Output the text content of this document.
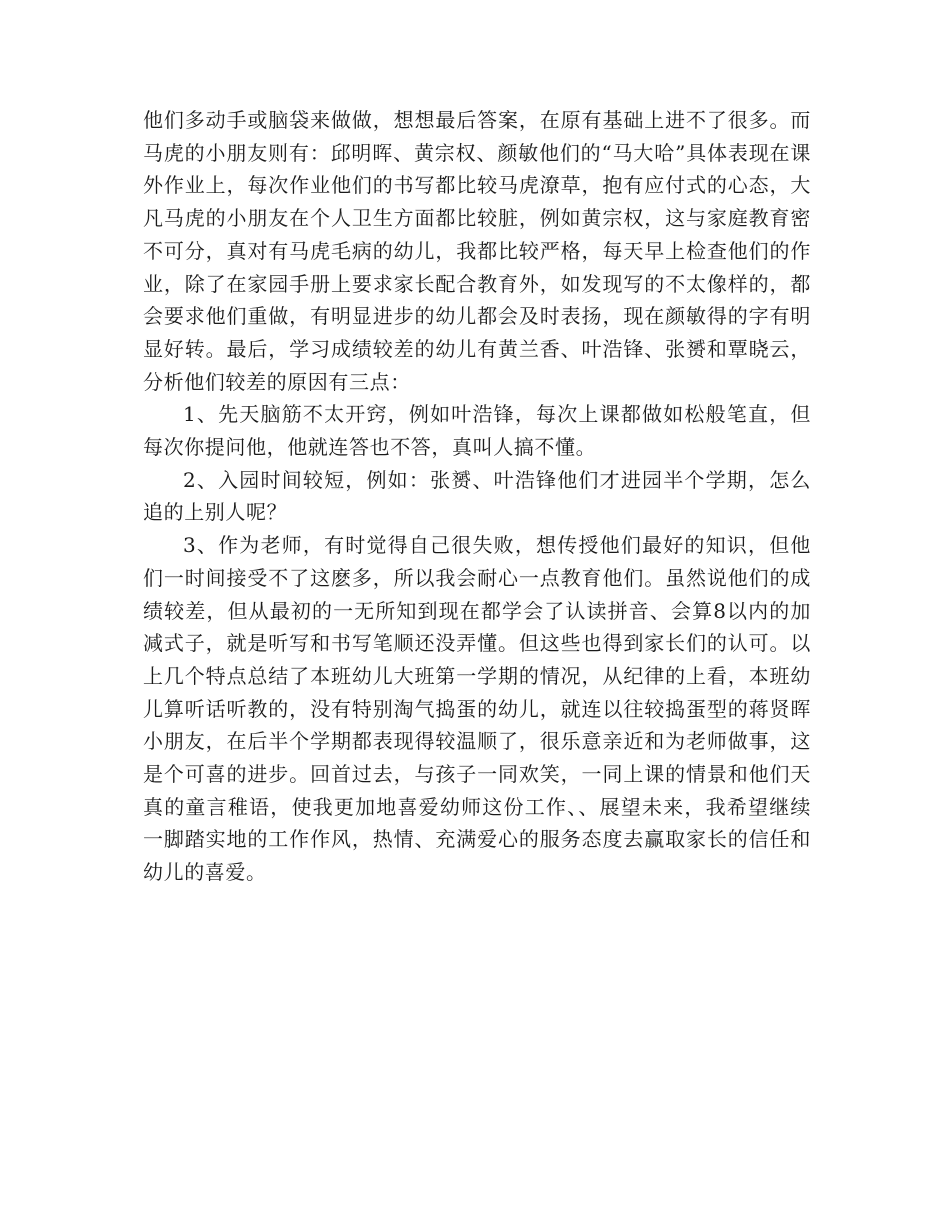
他们多动手或脑袋来做做，想想最后答案，在原有基础上进不了很多。而马虎的小朋友则有：邱明晖、黄宗权、颜敏他们的“马大哈”具体表现在课外作业上，每次作业他们的书写都比较马虎潦草，抱有应付式的心态，大凡马虎的小朋友在个人卫生方面都比较脏，例如黄宗权，这与家庭教育密不可分，真对有马虎毛病的幼儿，我都比较严格，每天早上检查他们的作业，除了在家园手册上要求家长配合教育外，如发现写的不太像样的，都会要求他们重做，有明显进步的幼儿都会及时表扬，现在颜敏得的字有明显好转。最后，学习成绩较差的幼儿有黄兰香、叶浩锋、张赟和覃晓云，分析他们较差的原因有三点：

1、先天脑筋不太开窍，例如叶浩锋，每次上课都做如松般笔直，但每次你提问他，他就连答也不答，真叫人搞不懂。

2、入园时间较短，例如：张赟、叶浩锋他们才进园半个学期，怎么追的上别人呢？

3、作为老师，有时觉得自己很失败，想传授他们最好的知识，但他们一时间接受不了这麽多，所以我会耐心一点教育他们。虽然说他们的成绩较差，但从最初的一无所知到现在都学会了认读拼音、会算8以内的加减式子，就是听写和书写笔顺还没弄懂。但这些也得到家长们的认可。以上几个特点总结了本班幼儿大班第一学期的情况，从纪律的上看，本班幼儿算听话听教的，没有特别淘气捣蛋的幼儿，就连以往较捣蛋型的蒋贤晖小朋友，在后半个学期都表现得较温顺了，很乐意亲近和为老师做事，这是个可喜的进步。回首过去，与孩子一同欢笑，一同上课的情景和他们天真的童言稚语，使我更加地喜爱幼师这份工作、、展望未来，我希望继续一脚踏实地的工作作风，热情、充满爱心的服务态度去赢取家长的信任和幼儿的喜爱。
